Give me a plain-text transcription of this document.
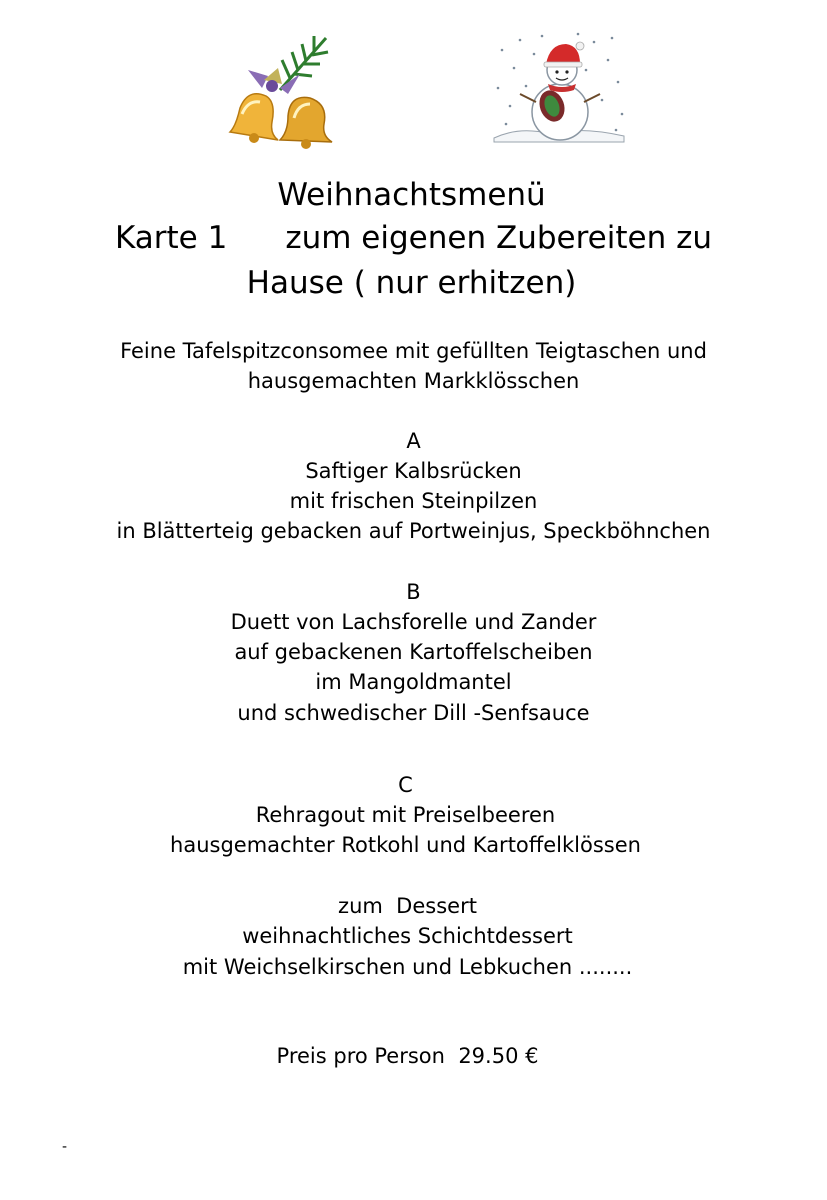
Weihnachtsmenü
Karte 1 zum eigenen Zubereiten zu
Hause ( nur erhitzen)
Feine Tafelspitzconsomee mit gefüllten Teigtaschen und
hausgemachten Markklösschen
A
Saftiger Kalbsrücken
mit frischen Steinpilzen
in Blätterteig gebacken auf Portweinjus, Speckböhnchen
B
Duett von Lachsforelle und Zander
auf gebackenen Kartoffelscheiben
im Mangoldmantel
und schwedischer Dill -Senfsauce
C
Rehragout mit Preiselbeeren
hausgemachter Rotkohl und Kartoffelklössen
zum  Dessert
weihnachtliches Schichtdessert
mit Weichselkirschen und Lebkuchen ........
Preis pro Person  29.50 €
-
